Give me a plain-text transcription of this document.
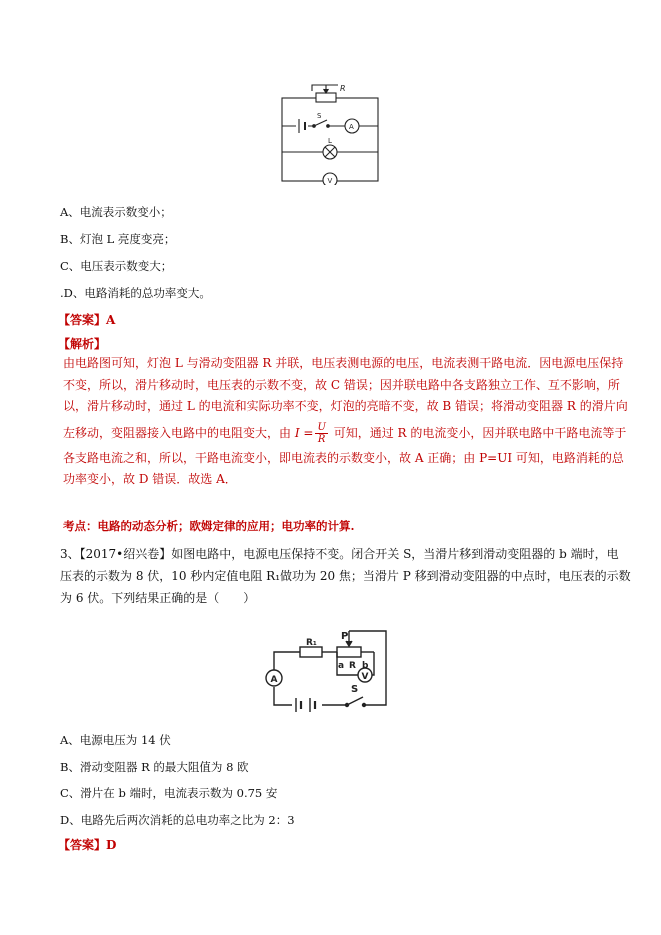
R
S
L
A
V
A、电流表示数变小；
B、灯泡 L 亮度变亮；
C、电压表示数变大；
.D、电路消耗的总功率变大。
【答案】A
【解析】
由电路图可知，灯泡 L 与滑动变阻器 R 并联，电压表测电源的电压，电流表测干路电流．因电源电压保持
不变，所以，滑片移动时，电压表的示数不变，故 C 错误；因并联电路中各支路独立工作、互不影响，所
以，滑片移动时，通过 L 的电流和实际功率不变，灯泡的亮暗不变，故 B 错误；将滑动变阻器 R 的滑片向
左移动，变阻器接入电路中的电阻变大，由 $I = \frac{U}{R}$ 可知，通过 R 的电流变小，因并联电路中干路电流等于
各支路电流之和，所以，干路电流变小，即电流表的示数变小，故 A 正确；由 P=UI 可知，电路消耗的总
功率变小，故 D 错误．故选 A．
考点：电路的动态分析；欧姆定律的应用；电功率的计算.
3、【2017•绍兴卷】如图电路中，电源电压保持不变。闭合开关 S，当滑片移到滑动变阻器的 b 端时，电
压表的示数为 8 伏，10 秒内定值电阻 R₁做功为 20 焦；当滑片 P 移到滑动变阻器的中点时，电压表的示数
为 6 伏。下列结果正确的是（　　）
R₁
P
a R b
A	V
S
A、电源电压为 14 伏
B、滑动变阻器 R 的最大阻值为 8 欧
C、滑片在 b 端时，电流表示数为 0.75 安
D、电路先后两次消耗的总电功率之比为 2：3
【答案】D
